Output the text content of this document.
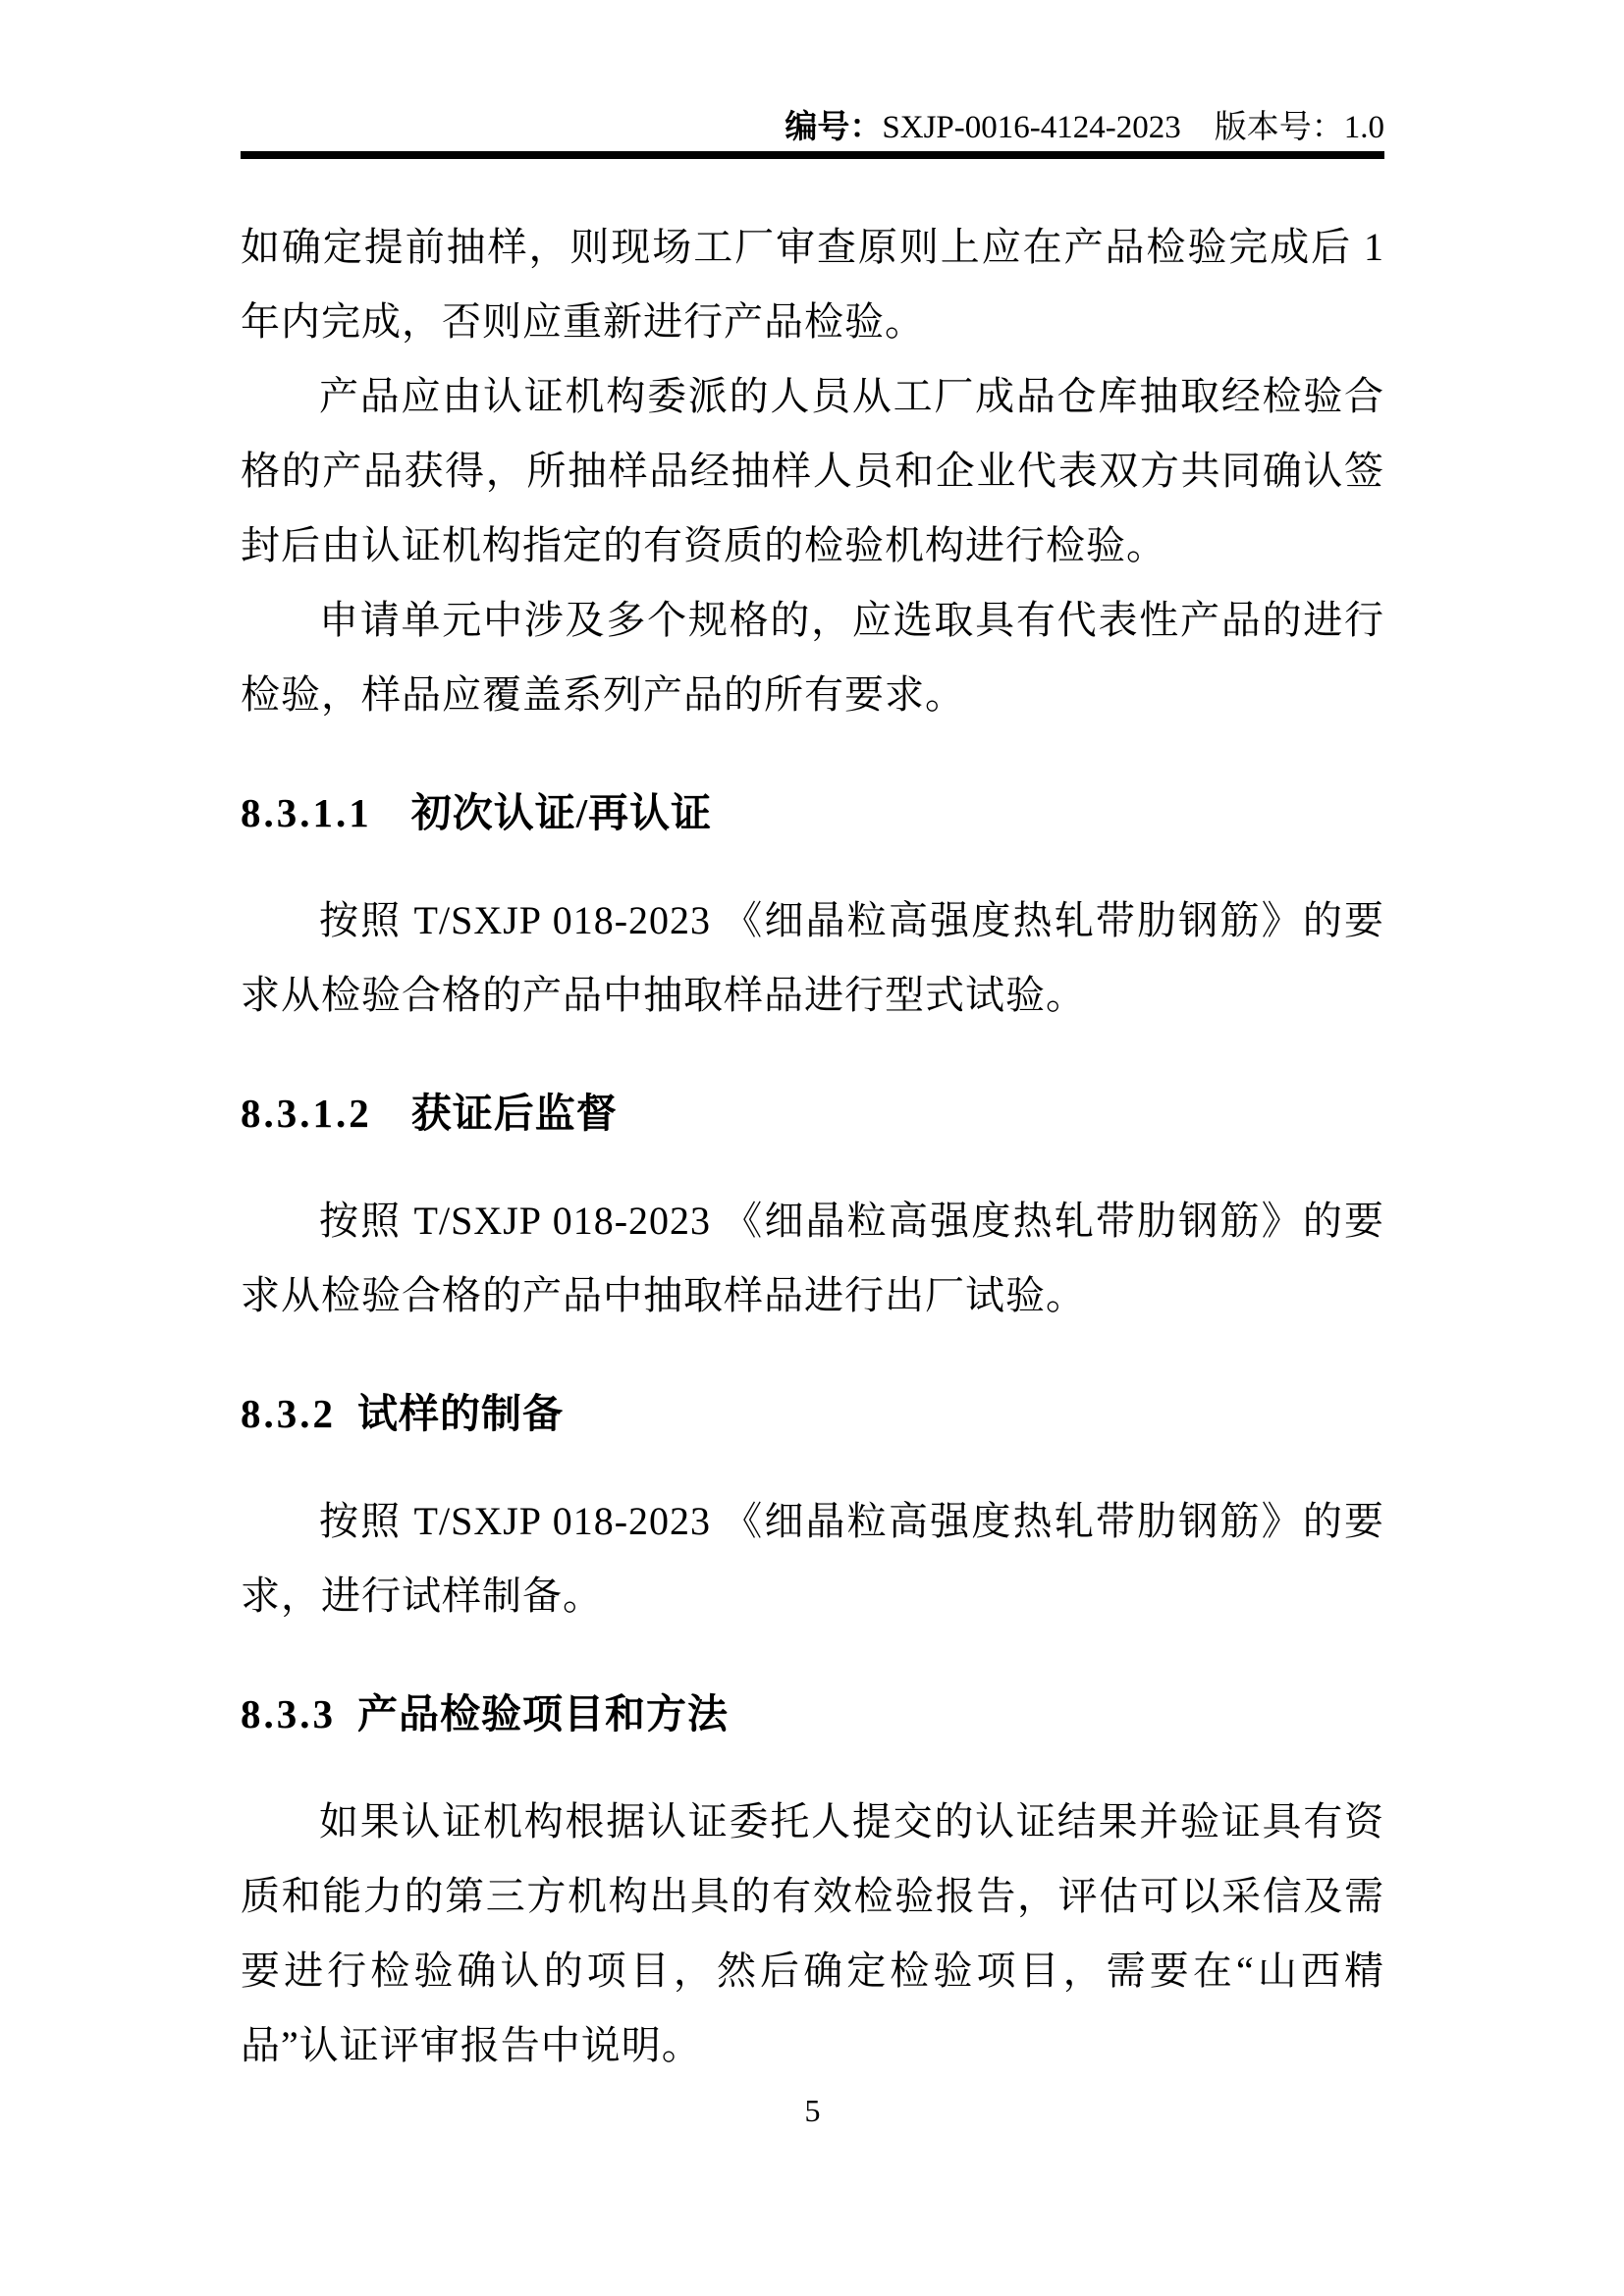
编号：SXJP-0016-4124-2023 版本号：1.0

如确定提前抽样，则现场工厂审查原则上应在产品检验完成后 1 年内完成，否则应重新进行产品检验。

产品应由认证机构委派的人员从工厂成品仓库抽取经检验合格的产品获得，所抽样品经抽样人员和企业代表双方共同确认签封后由认证机构指定的有资质的检验机构进行检验。

申请单元中涉及多个规格的，应选取具有代表性产品的进行检验，样品应覆盖系列产品的所有要求。

8.3.1.1 初次认证/再认证

按照 T/SXJP 018-2023 《细晶粒高强度热轧带肋钢筋》的要求从检验合格的产品中抽取样品进行型式试验。

8.3.1.2 获证后监督

按照 T/SXJP 018-2023 《细晶粒高强度热轧带肋钢筋》的要求从检验合格的产品中抽取样品进行出厂试验。

8.3.2 试样的制备

按照 T/SXJP 018-2023 《细晶粒高强度热轧带肋钢筋》的要求，进行试样制备。

8.3.3 产品检验项目和方法

如果认证机构根据认证委托人提交的认证结果并验证具有资质和能力的第三方机构出具的有效检验报告，评估可以采信及需要进行检验确认的项目，然后确定检验项目，需要在“山西精品”认证评审报告中说明。

5
